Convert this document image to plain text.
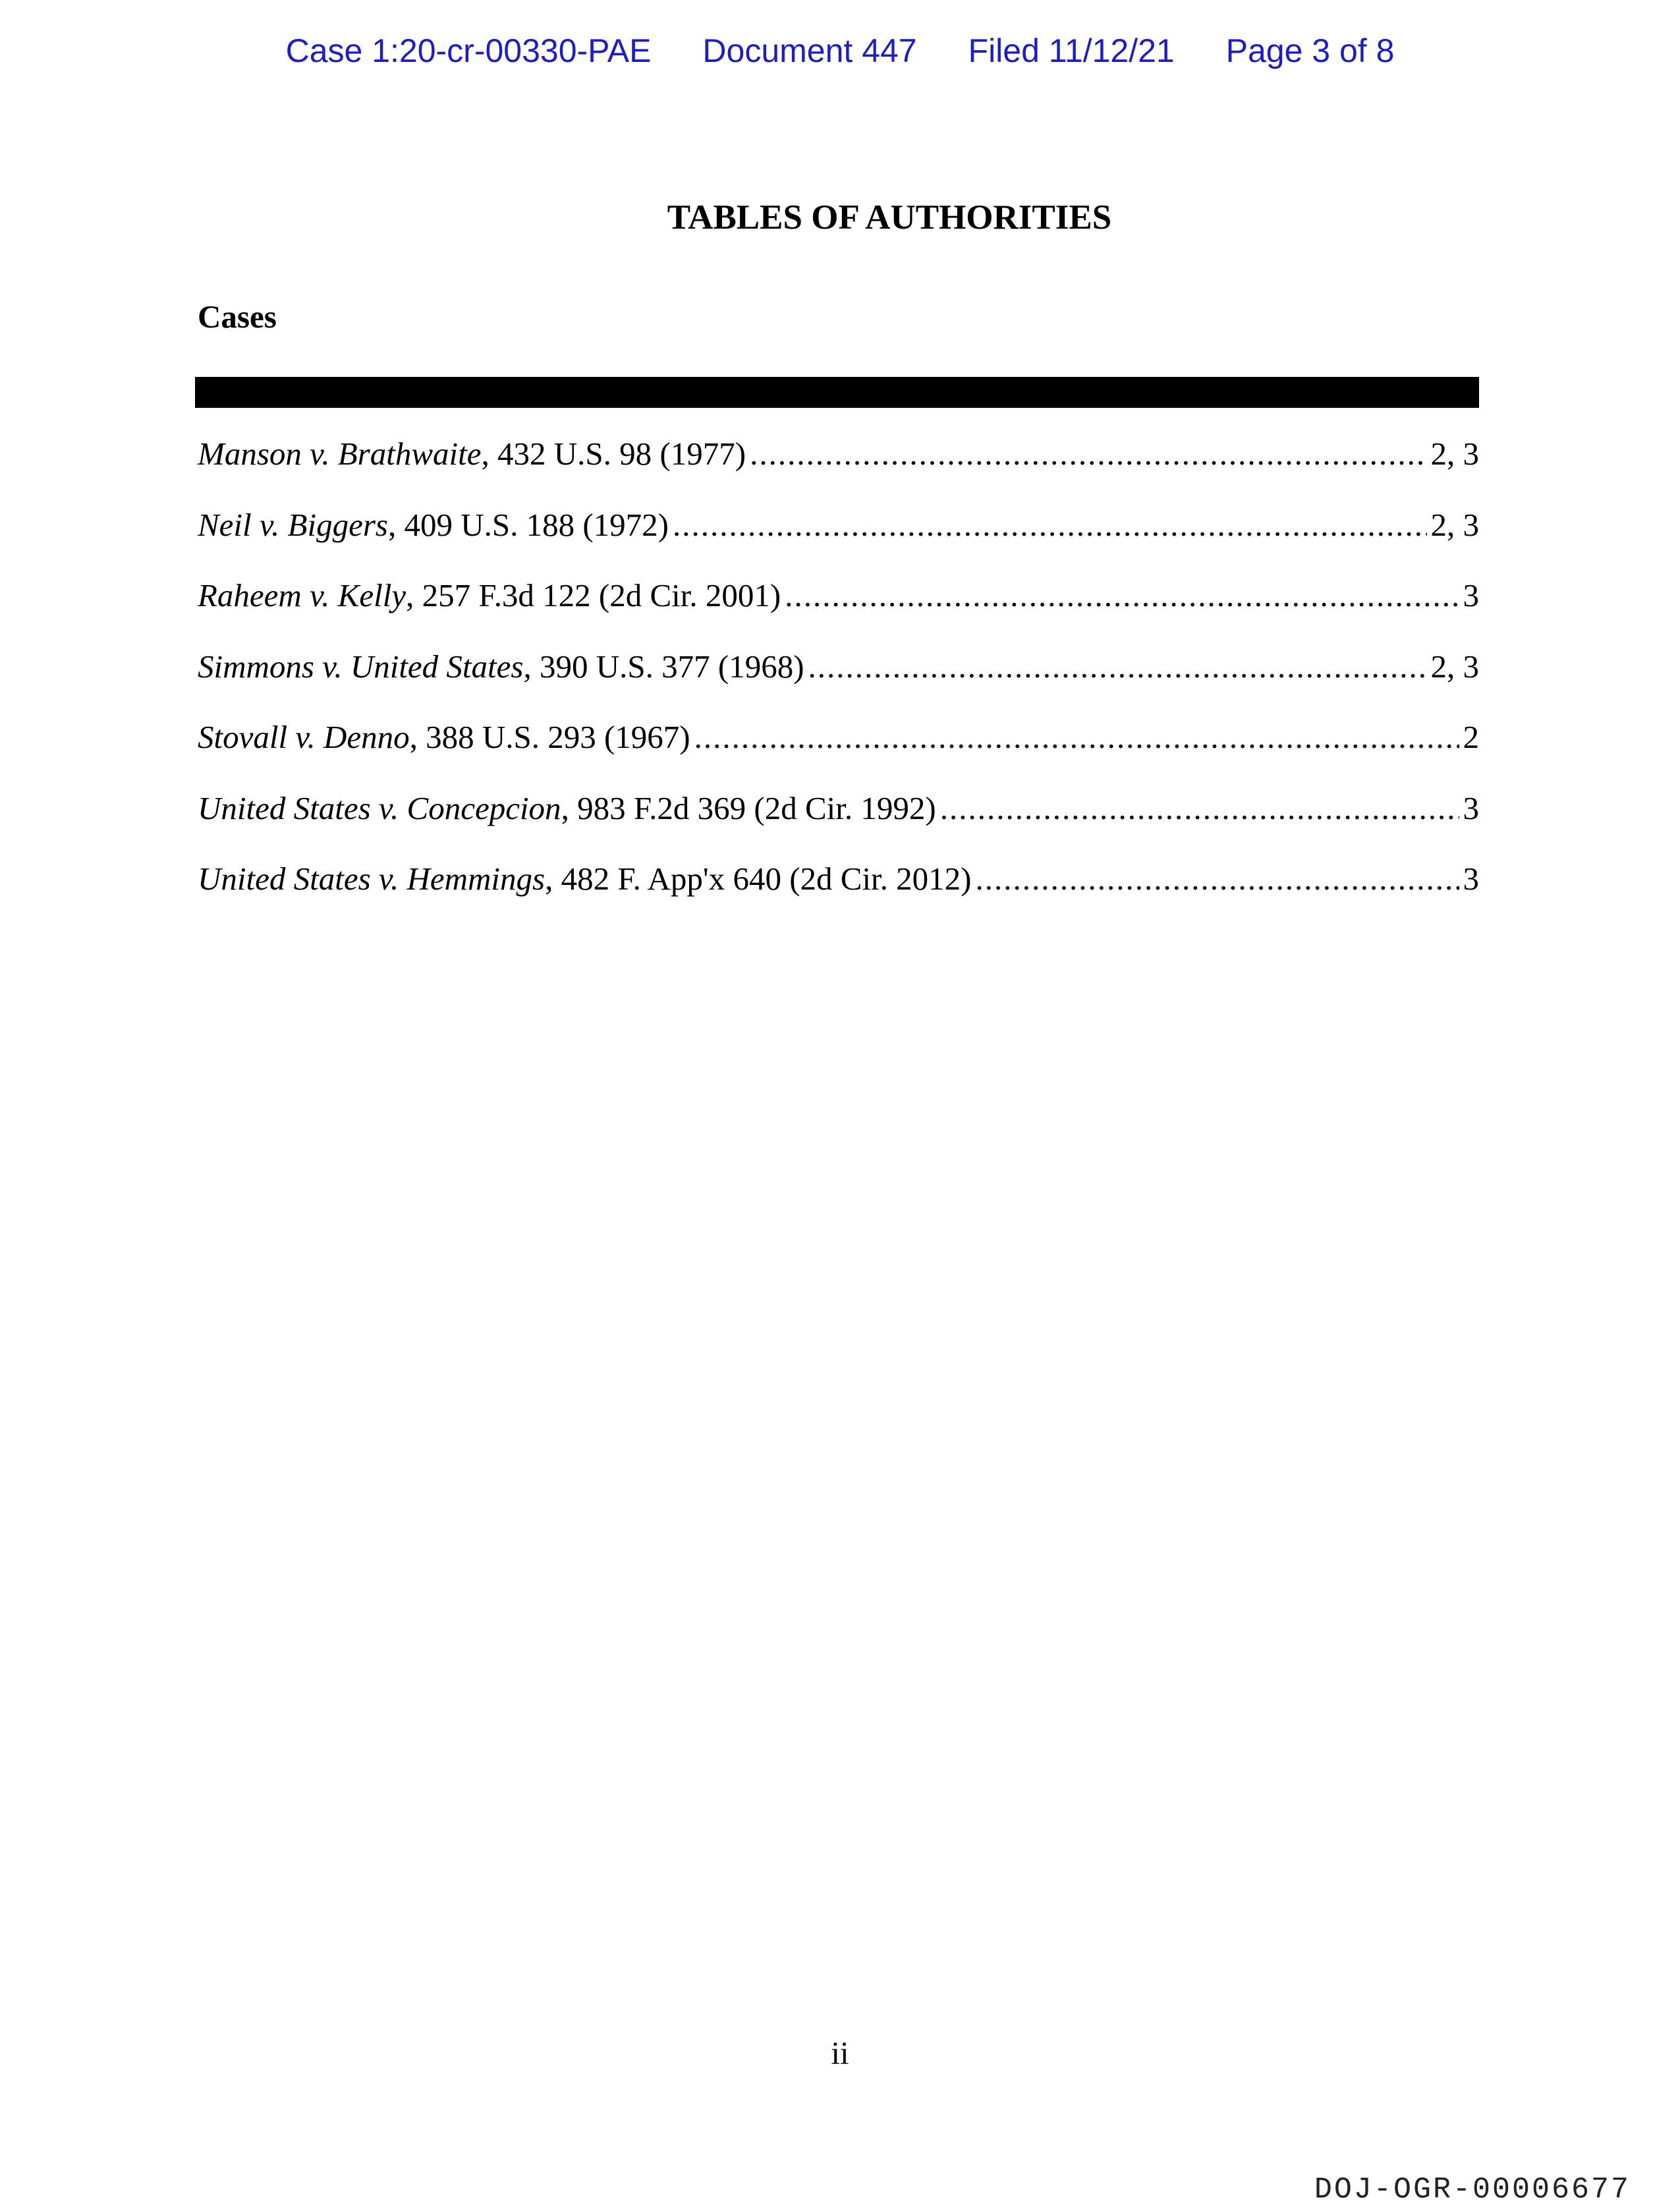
Case 1:20-cr-00330-PAE Document 447 Filed 11/12/21 Page 3 of 8
TABLES OF AUTHORITIES
Cases
Manson v. Brathwaite, 432 U.S. 98 (1977) .....	2, 3
Neil v. Biggers, 409 U.S. 188 (1972) .....	2, 3
Raheem v. Kelly, 257 F.3d 122 (2d Cir. 2001) .....	3
Simmons v. United States, 390 U.S. 377 (1968) .....	2, 3
Stovall v. Denno, 388 U.S. 293 (1967) .....	2
United States v. Concepcion, 983 F.2d 369 (2d Cir. 1992) .....	3
United States v. Hemmings, 482 F. App'x 640 (2d Cir. 2012) .....	3
ii
DOJ-OGR-00006677
